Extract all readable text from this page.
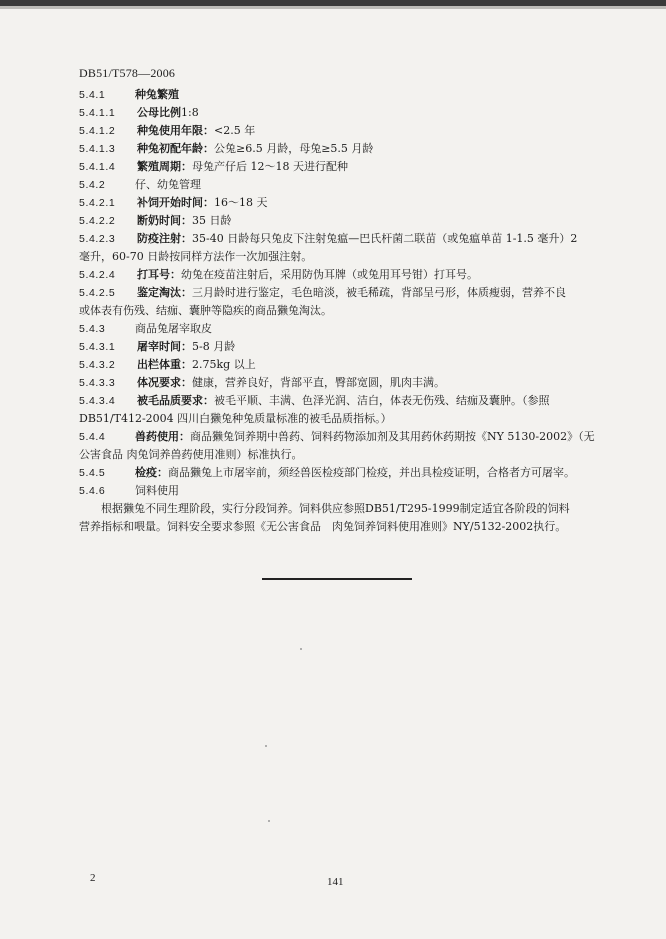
DB51/T578—2006
5.4.1	种兔繁殖
5.4.1.1 公母比例1:8
5.4.1.2 种兔使用年限：<2.5 年
5.4.1.3 种兔初配年龄：公兔≥6.5 月龄，母兔≥5.5 月龄
5.4.1.4 繁殖周期：母兔产仔后 12～18 天进行配种
5.4.2	仔、幼兔管理
5.4.2.1 补饲开始时间：16～18 天
5.4.2.2 断奶时间：35 日龄
5.4.2.3 防疫注射：35-40 日龄每只兔皮下注射兔瘟—巴氏杆菌二联苗（或兔瘟单苗 1-1.5 毫升）2
毫升，60-70 日龄按同样方法作一次加强注射。
5.4.2.4 打耳号：幼兔在疫苗注射后，采用防伪耳牌（或兔用耳号钳）打耳号。
5.4.2.5 鉴定淘汰：三月龄时进行鉴定，毛色暗淡，被毛稀疏，背部呈弓形，体质瘦弱，营养不良
或体表有伤残、结痂、囊肿等隐疾的商品獭兔淘汰。
5.4.3	商品兔屠宰取皮
5.4.3.1 屠宰时间：5-8 月龄
5.4.3.2 出栏体重：2.75kg 以上
5.4.3.3 体况要求：健康，营养良好，背部平直，臀部宽圆，肌肉丰满。
5.4.3.4 被毛品质要求：被毛平顺、丰满、色泽光润、洁白，体表无伤残、结痂及囊肿。（参照
DB51/T412-2004 四川白獭兔种兔质量标准的被毛品质指标。）
5.4.4	兽药使用：商品獭兔饲养期中兽药、饲料药物添加剂及其用药休药期按《NY 5130-2002》（无
公害食品 肉兔饲养兽药使用准则）标准执行。
5.4.5	检疫：商品獭兔上市屠宰前，须经兽医检疫部门检疫，并出具检疫证明，合格者方可屠宰。
5.4.6	饲料使用
根据獭兔不同生理阶段，实行分段饲养。饲料供应参照DB51/T295-1999制定适宜各阶段的饲料
营养指标和喂量。饲料安全要求参照《无公害食品　肉兔饲养饲料使用准则》NY/5132-2002执行。
2	141
